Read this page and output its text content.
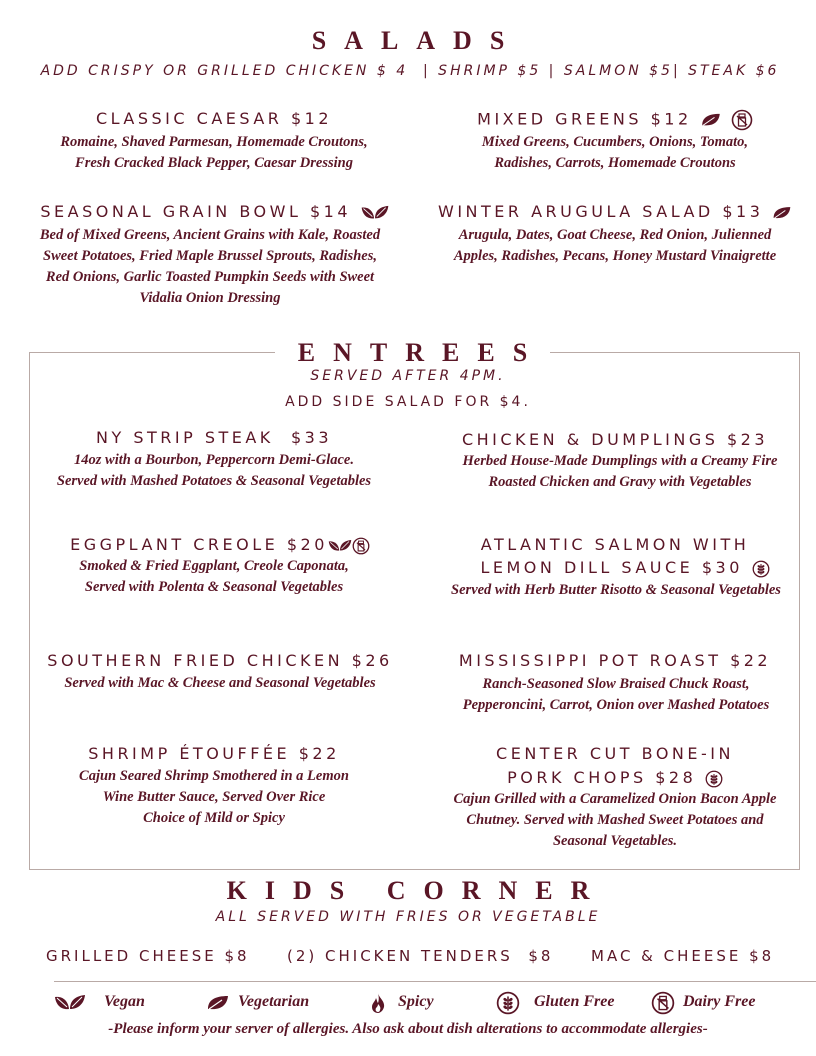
SALADS
ADD CRISPY OR GRILLED CHICKEN $ 4  | SHRIMP $5 | SALMON $5| STEAK $6
CLASSIC CAESAR $12
Romaine, Shaved Parmesan, Homemade Croutons,
Fresh Cracked Black Pepper, Caesar Dressing
MIXED GREENS $12
Mixed Greens, Cucumbers, Onions, Tomato,
Radishes, Carrots, Homemade Croutons
SEASONAL GRAIN BOWL $14
Bed of Mixed Greens, Ancient Grains with Kale, Roasted
Sweet Potatoes, Fried Maple Brussel Sprouts, Radishes,
Red Onions, Garlic Toasted Pumpkin Seeds with Sweet
Vidalia Onion Dressing
WINTER ARUGULA SALAD $13
Arugula, Dates, Goat Cheese, Red Onion, Julienned
Apples, Radishes, Pecans, Honey Mustard Vinaigrette
ENTREES
SERVED AFTER 4PM.
ADD SIDE SALAD FOR $4.
NY STRIP STEAK  $33
14oz with a Bourbon, Peppercorn Demi-Glace.
Served with Mashed Potatoes & Seasonal Vegetables
CHICKEN & DUMPLINGS $23
Herbed House-Made Dumplings with a Creamy Fire
Roasted Chicken and Gravy with Vegetables
EGGPLANT CREOLE $20
Smoked & Fried Eggplant, Creole Caponata,
Served with Polenta & Seasonal Vegetables
ATLANTIC SALMON WITH
LEMON DILL SAUCE $30
Served with Herb Butter Risotto & Seasonal Vegetables
SOUTHERN FRIED CHICKEN $26
Served with Mac & Cheese and Seasonal Vegetables
MISSISSIPPI POT ROAST $22
Ranch-Seasoned Slow Braised Chuck Roast,
Pepperoncini, Carrot, Onion over Mashed Potatoes
SHRIMP ÉTOUFFÉE $22
Cajun Seared Shrimp Smothered in a Lemon
Wine Butter Sauce, Served Over Rice
Choice of Mild or Spicy
CENTER CUT BONE-IN
PORK CHOPS $28
Cajun Grilled with a Caramelized Onion Bacon Apple
Chutney. Served with Mashed Sweet Potatoes and
Seasonal Vegetables.
KIDS CORNER
ALL SERVED WITH FRIES OR VEGETABLE
GRILLED CHEESE $8 (2) CHICKEN TENDERS  $8	MAC & CHEESE $8
Vegan	Vegetarian	Spicy	Gluten Free	Dairy Free
-Please inform your server of allergies. Also ask about dish alterations to accommodate allergies-
